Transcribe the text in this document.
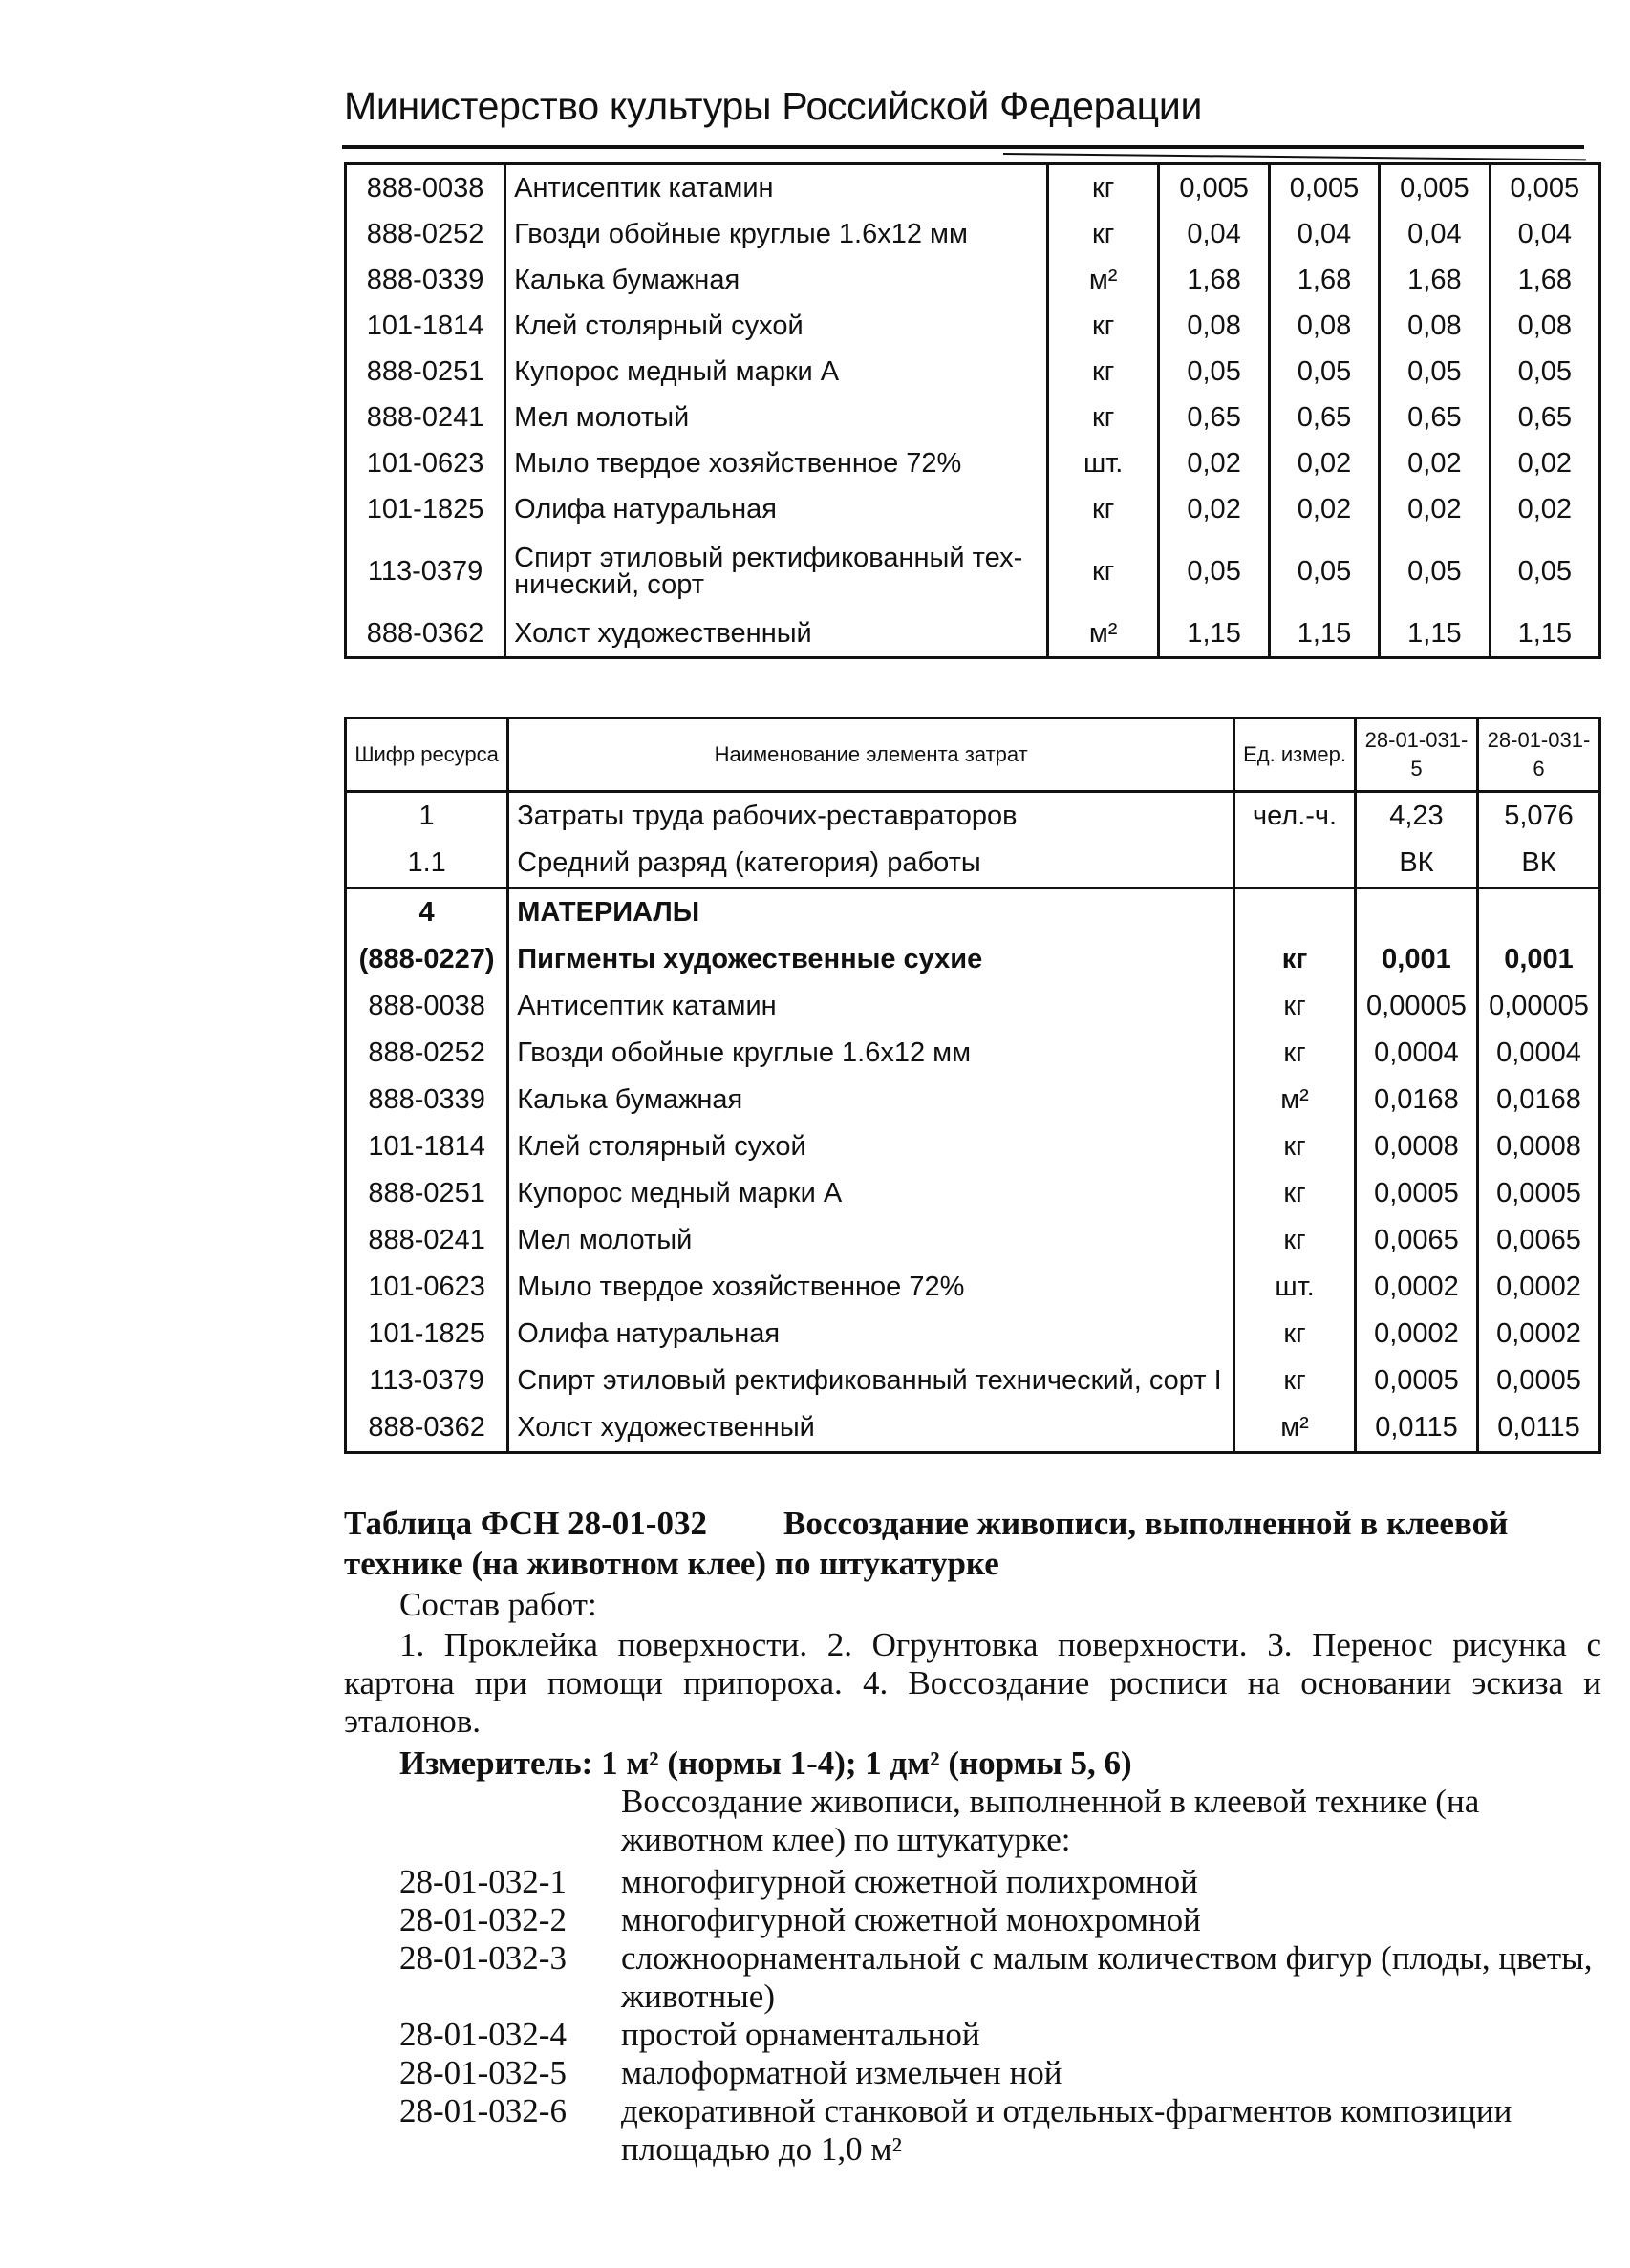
Министерство культуры Российской Федерации
888-0038	Антисептик катамин	кг	0,005	0,005	0,005	0,005
888-0252	Гвозди обойные круглые 1.6х12 мм	кг	0,04	0,04	0,04	0,04
888-0339	Калька бумажная	м²	1,68	1,68	1,68	1,68
101-1814	Клей столярный сухой	кг	0,08	0,08	0,08	0,08
888-0251	Купорос медный марки А	кг	0,05	0,05	0,05	0,05
888-0241	Мел молотый	кг	0,65	0,65	0,65	0,65
101-0623	Мыло твердое хозяйственное 72%	шт.	0,02	0,02	0,02	0,02
101-1825	Олифа натуральная	кг	0,02	0,02	0,02	0,02
113-0379	Спирт этиловый ректификованный тех-нический, сорт	кг	0,05	0,05	0,05	0,05
888-0362	Холст художественный	м²	1,15	1,15	1,15	1,15
Шифр ресурса	Наименование элемента затрат	Ед. измер.	28-01-031-5	28-01-031-6
1	Затраты труда рабочих-реставраторов	чел.-ч.	4,23	5,076
1.1	Средний разряд (категория) работы		ВК	ВК
4	МАТЕРИАЛЫ			
(888-0227)	Пигменты художественные сухие	кг	0,001	0,001
888-0038	Антисептик катамин	кг	0,00005	0,00005
888-0252	Гвозди обойные круглые 1.6х12 мм	кг	0,0004	0,0004
888-0339	Калька бумажная	м²	0,0168	0,0168
101-1814	Клей столярный сухой	кг	0,0008	0,0008
888-0251	Купорос медный марки А	кг	0,0005	0,0005
888-0241	Мел молотый	кг	0,0065	0,0065
101-0623	Мыло твердое хозяйственное 72%	шт.	0,0002	0,0002
101-1825	Олифа натуральная	кг	0,0002	0,0002
113-0379	Спирт этиловый ректификованный технический, сорт I	кг	0,0005	0,0005
888-0362	Холст художественный	м²	0,0115	0,0115
Таблица ФСН 28-01-032 Воссоздание живописи, выполненной в клеевой технике (на животном клее) по штукатурке
Состав работ:
1. Проклейка поверхности. 2. Огрунтовка поверхности. 3. Перенос рисунка с картона при помощи припороха. 4. Воссоздание росписи на основании эскиза и эталонов.
Измеритель: 1 м² (нормы 1-4); 1 дм² (нормы 5, 6)
Воссоздание живописи, выполненной в клеевой технике (на животном клее) по штукатурке:
28-01-032-1	многофигурной сюжетной полихромной
28-01-032-2	многофигурной сюжетной монохромной
28-01-032-3	сложноорнаментальной с малым количеством фигур (плоды, цветы, животные)
28-01-032-4	простой орнаментальной
28-01-032-5	малоформатной измельчен ной
28-01-032-6	декоративной станковой и отдельных-фрагментов композиции площадью до 1,0 м²
